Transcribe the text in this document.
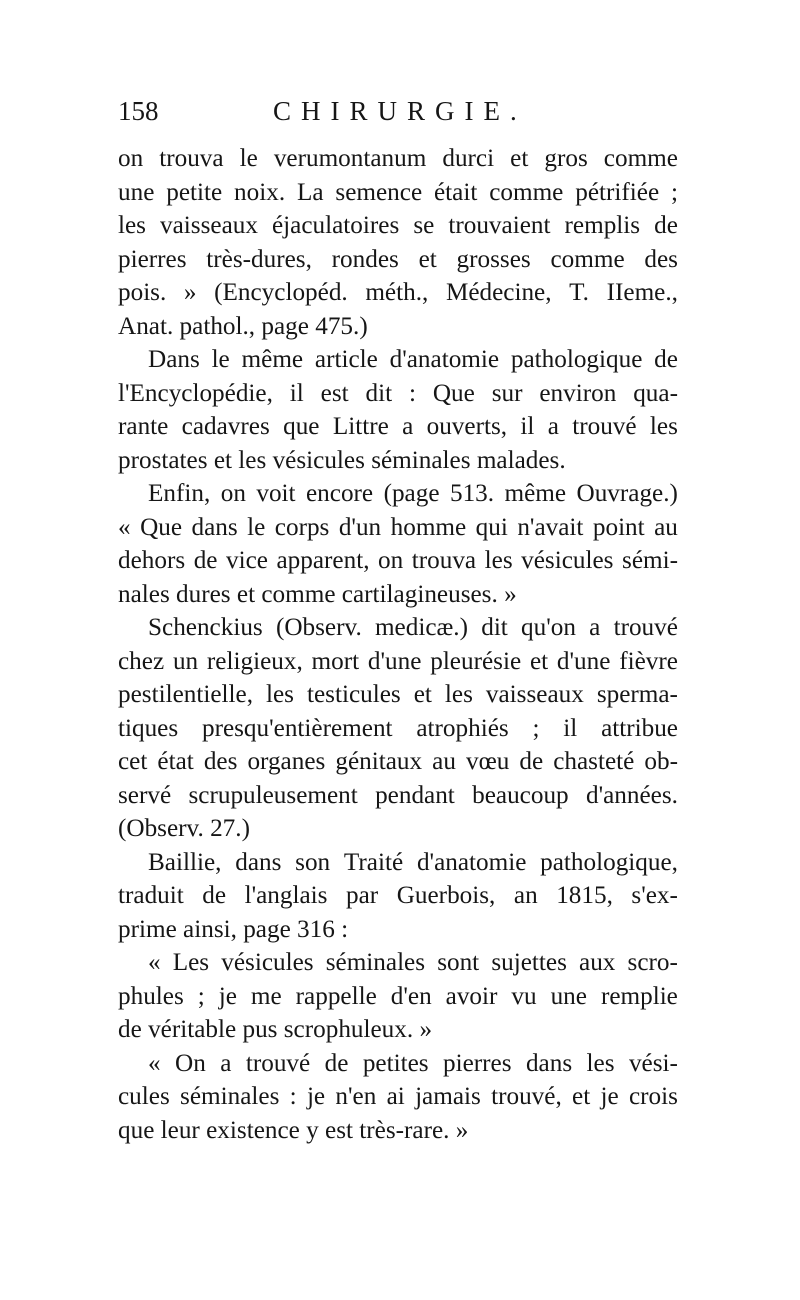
158	CHIRURGIE.
on trouva le verumontanum durci et gros comme
une petite noix. La semence était comme pétrifiée ;
les vaisseaux éjaculatoires se trouvaient remplis de
pierres très-dures, rondes et grosses comme des
pois. » (Encyclopéd. méth., Médecine, T. IIeme.,
Anat. pathol., page 475.)
Dans le même article d'anatomie pathologique de
l'Encyclopédie, il est dit : Que sur environ qua-
rante cadavres que Littre a ouverts, il a trouvé les
prostates et les vésicules séminales malades.
Enfin, on voit encore (page 513. même Ouvrage.)
« Que dans le corps d'un homme qui n'avait point au
dehors de vice apparent, on trouva les vésicules sémi-
nales dures et comme cartilagineuses. »
Schenckius (Observ. medicæ.) dit qu'on a trouvé
chez un religieux, mort d'une pleurésie et d'une fièvre
pestilentielle, les testicules et les vaisseaux sperma-
tiques presqu'entièrement atrophiés ; il attribue
cet état des organes génitaux au vœu de chasteté ob-
servé scrupuleusement pendant beaucoup d'années.
(Observ. 27.)
Baillie, dans son Traité d'anatomie pathologique,
traduit de l'anglais par Guerbois, an 1815, s'ex-
prime ainsi, page 316 :
« Les vésicules séminales sont sujettes aux scro-
phules ; je me rappelle d'en avoir vu une remplie
de véritable pus scrophuleux. »
« On a trouvé de petites pierres dans les vési-
cules séminales : je n'en ai jamais trouvé, et je crois
que leur existence y est très-rare. »
